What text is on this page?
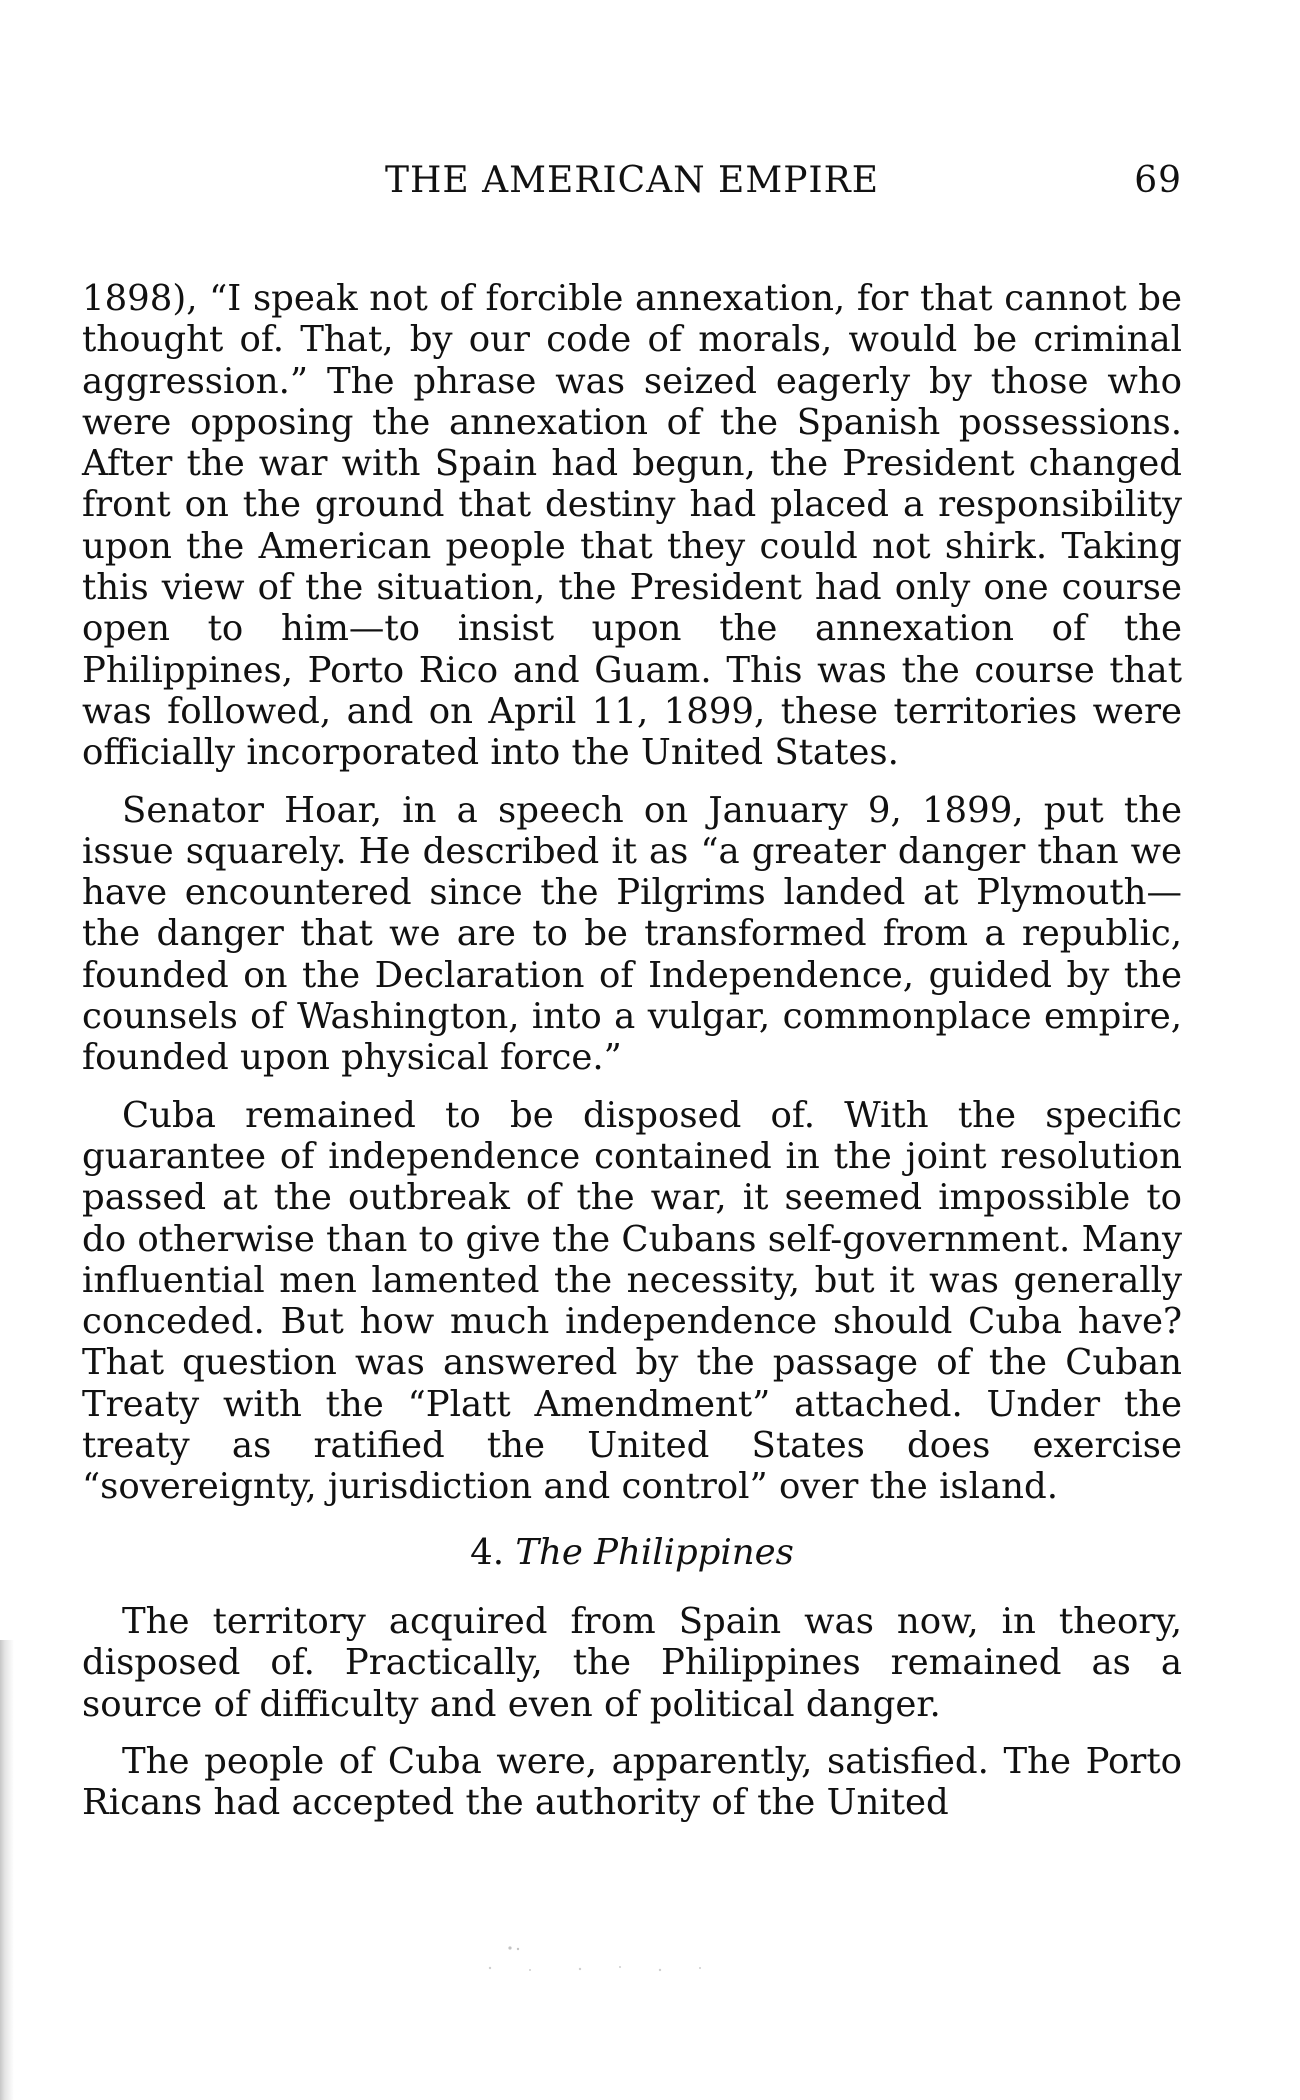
THE AMERICAN EMPIRE	69

1898), “I speak not of forcible annexation, for that cannot be thought of. That, by our code of morals, would be criminal aggression.” The phrase was seized eagerly by those who were opposing the annexation of the Spanish possessions. After the war with Spain had begun, the President changed front on the ground that destiny had placed a responsibility upon the American people that they could not shirk. Taking this view of the situation, the President had only one course open to him—to insist upon the annexation of the Philippines, Porto Rico and Guam. This was the course that was followed, and on April 11, 1899, these territories were officially incorporated into the United States.

Senator Hoar, in a speech on January 9, 1899, put the issue squarely. He described it as “a greater danger than we have encountered since the Pilgrims landed at Plymouth—the danger that we are to be transformed from a republic, founded on the Declaration of Independence, guided by the counsels of Washington, into a vulgar, commonplace empire, founded upon physical force.”

Cuba remained to be disposed of. With the specific guarantee of independence contained in the joint resolution passed at the outbreak of the war, it seemed impossible to do otherwise than to give the Cubans self-government. Many influential men lamented the necessity, but it was generally conceded. But how much independence should Cuba have? That question was answered by the passage of the Cuban Treaty with the “Platt Amendment” attached. Under the treaty as ratified the United States does exercise “sovereignty, jurisdiction and control” over the island.

4. The Philippines

The territory acquired from Spain was now, in theory, disposed of. Practically, the Philippines remained as a source of difficulty and even of political danger.

The people of Cuba were, apparently, satisfied. The Porto Ricans had accepted the authority of the United
